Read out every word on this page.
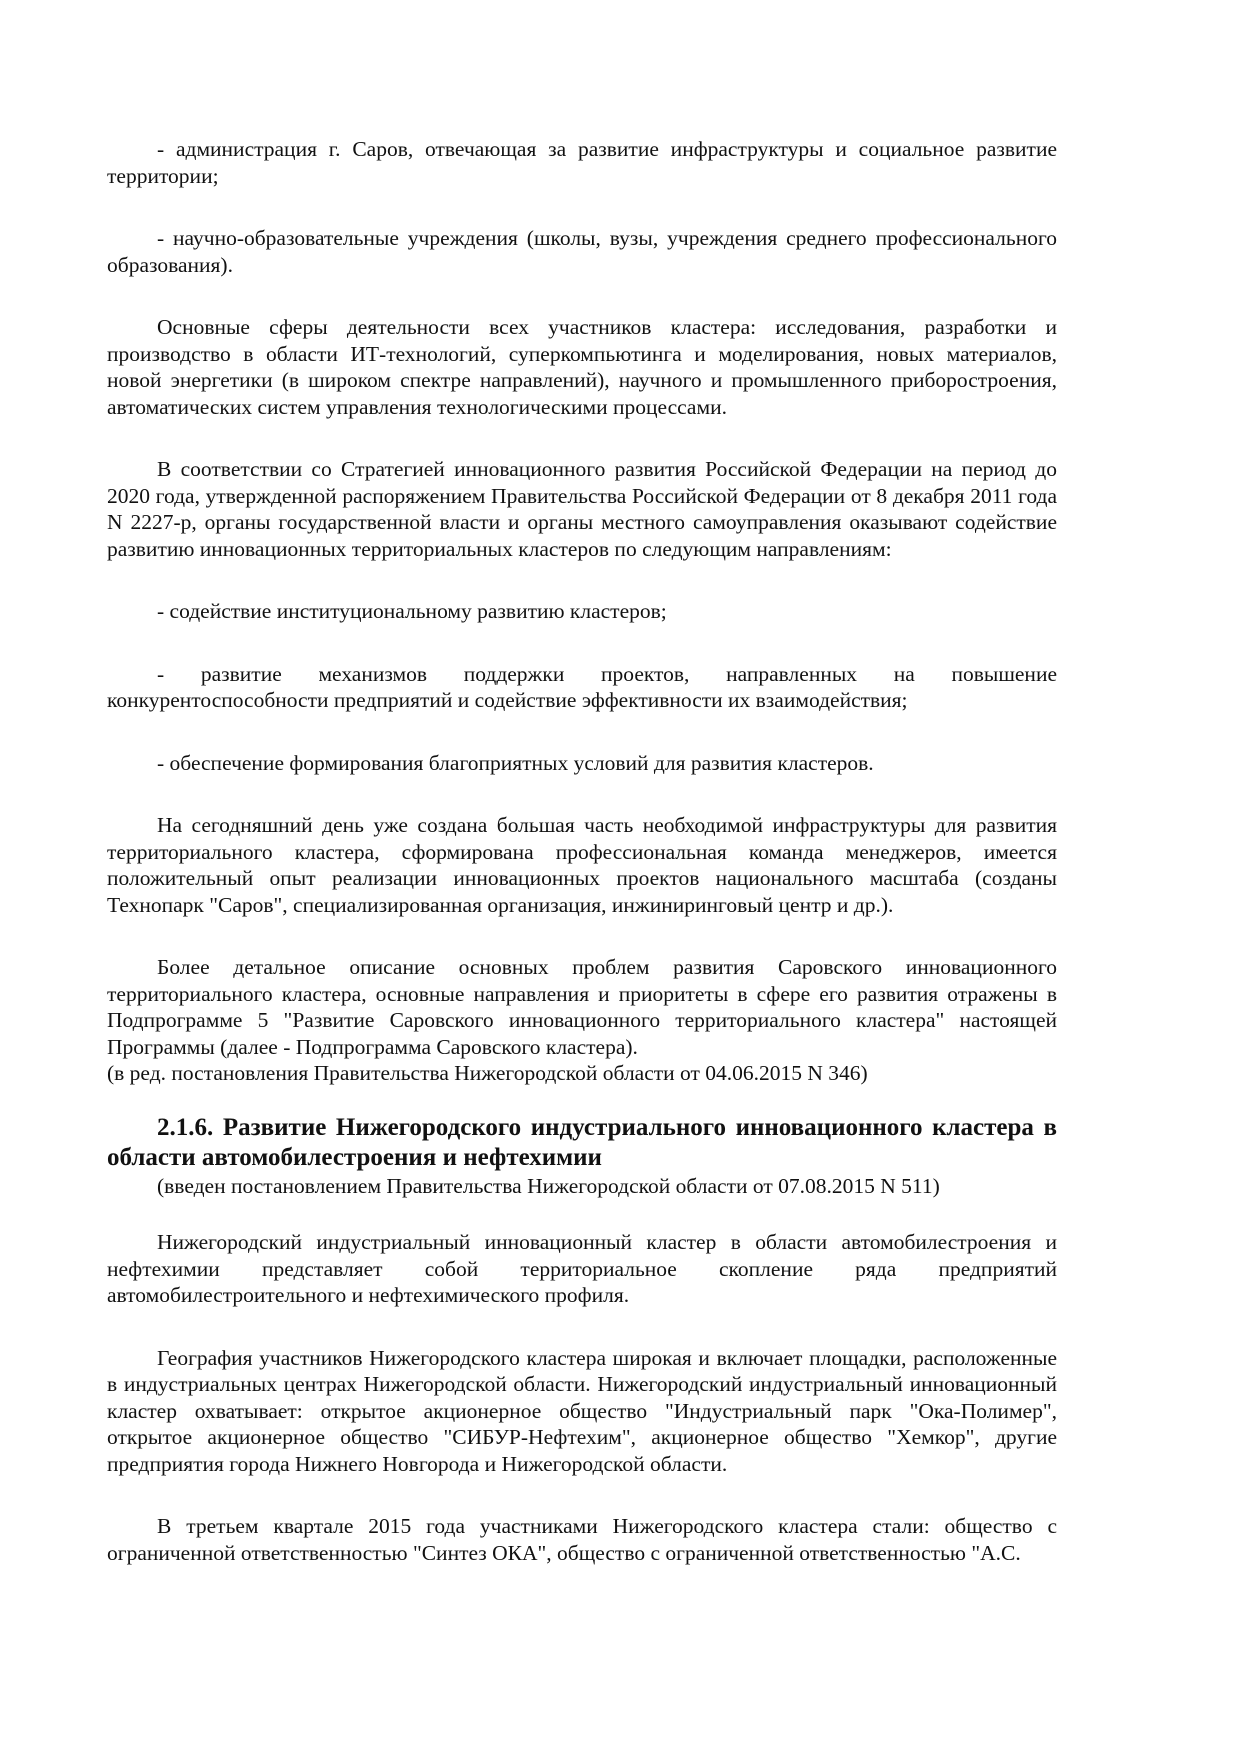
- администрация г. Саров, отвечающая за развитие инфраструктуры и социальное развитие территории;

- научно-образовательные учреждения (школы, вузы, учреждения среднего профессионального образования).

Основные сферы деятельности всех участников кластера: исследования, разработки и производство в области ИТ-технологий, суперкомпьютинга и моделирования, новых материалов, новой энергетики (в широком спектре направлений), научного и промышленного приборостроения, автоматических систем управления технологическими процессами.

В соответствии со Стратегией инновационного развития Российской Федерации на период до 2020 года, утвержденной распоряжением Правительства Российской Федерации от 8 декабря 2011 года N 2227-р, органы государственной власти и органы местного самоуправления оказывают содействие развитию инновационных территориальных кластеров по следующим направлениям:

- содействие институциональному развитию кластеров;

- развитие механизмов поддержки проектов, направленных на повышение конкурентоспособности предприятий и содействие эффективности их взаимодействия;

- обеспечение формирования благоприятных условий для развития кластеров.

На сегодняшний день уже создана большая часть необходимой инфраструктуры для развития территориального кластера, сформирована профессиональная команда менеджеров, имеется положительный опыт реализации инновационных проектов национального масштаба (созданы Технопарк "Саров", специализированная организация, инжиниринговый центр и др.).

Более детальное описание основных проблем развития Саровского инновационного территориального кластера, основные направления и приоритеты в сфере его развития отражены в Подпрограмме 5 "Развитие Саровского инновационного территориального кластера" настоящей Программы (далее - Подпрограмма Саровского кластера).

(в ред. постановления Правительства Нижегородской области от 04.06.2015 N 346)

2.1.6. Развитие Нижегородского индустриального инновационного кластера в области автомобилестроения и нефтехимии

(введен постановлением Правительства Нижегородской области от 07.08.2015 N 511)

Нижегородский индустриальный инновационный кластер в области автомобилестроения и нефтехимии представляет собой территориальное скопление ряда предприятий автомобилестроительного и нефтехимического профиля.

География участников Нижегородского кластера широкая и включает площадки, расположенные в индустриальных центрах Нижегородской области. Нижегородский индустриальный инновационный кластер охватывает: открытое акционерное общество "Индустриальный парк "Ока-Полимер", открытое акционерное общество "СИБУР-Нефтехим", акционерное общество "Хемкор", другие предприятия города Нижнего Новгорода и Нижегородской области.

В третьем квартале 2015 года участниками Нижегородского кластера стали: общество с ограниченной ответственностью "Синтез ОКА", общество с ограниченной ответственностью "А.С.
